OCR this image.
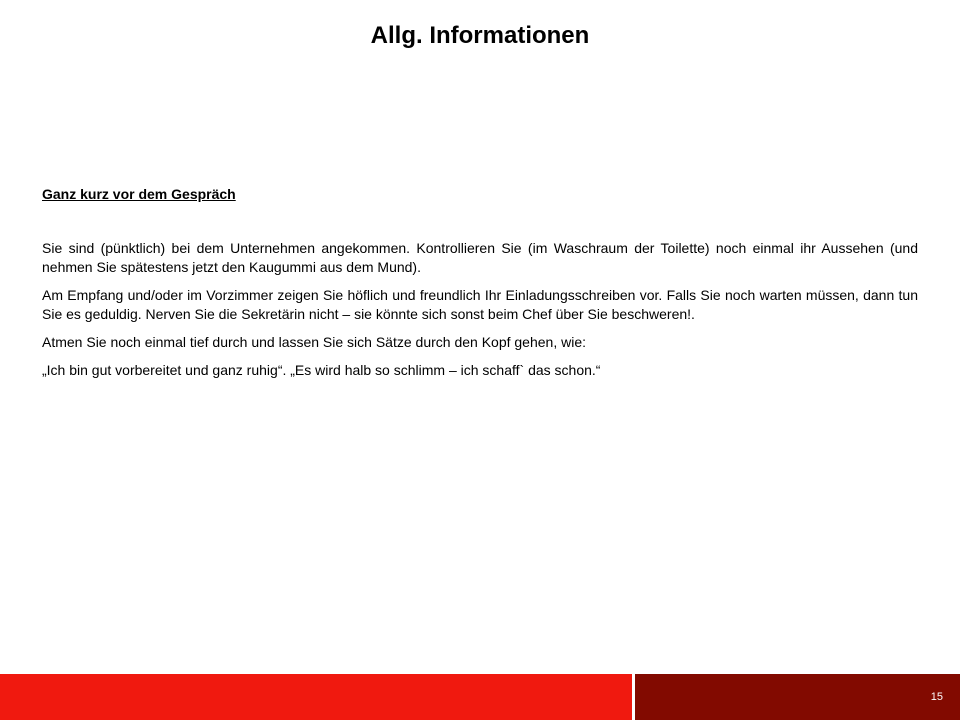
Allg. Informationen

Ganz kurz vor dem Gespräch

Sie sind (pünktlich) bei dem Unternehmen angekommen. Kontrollieren Sie (im Waschraum der Toilette) noch einmal ihr Aussehen (und nehmen Sie spätestens jetzt den Kaugummi aus dem Mund).

Am Empfang und/oder im Vorzimmer zeigen Sie höflich und freundlich Ihr Einladungsschreiben vor. Falls Sie noch warten müssen, dann tun Sie es geduldig. Nerven Sie die Sekretärin nicht – sie könnte sich sonst beim Chef über Sie beschweren!.

Atmen Sie noch einmal tief durch und lassen Sie sich Sätze durch den Kopf gehen, wie:

„Ich bin gut vorbereitet und ganz ruhig“. „Es wird halb so schlimm – ich schaff` das schon.“

15
